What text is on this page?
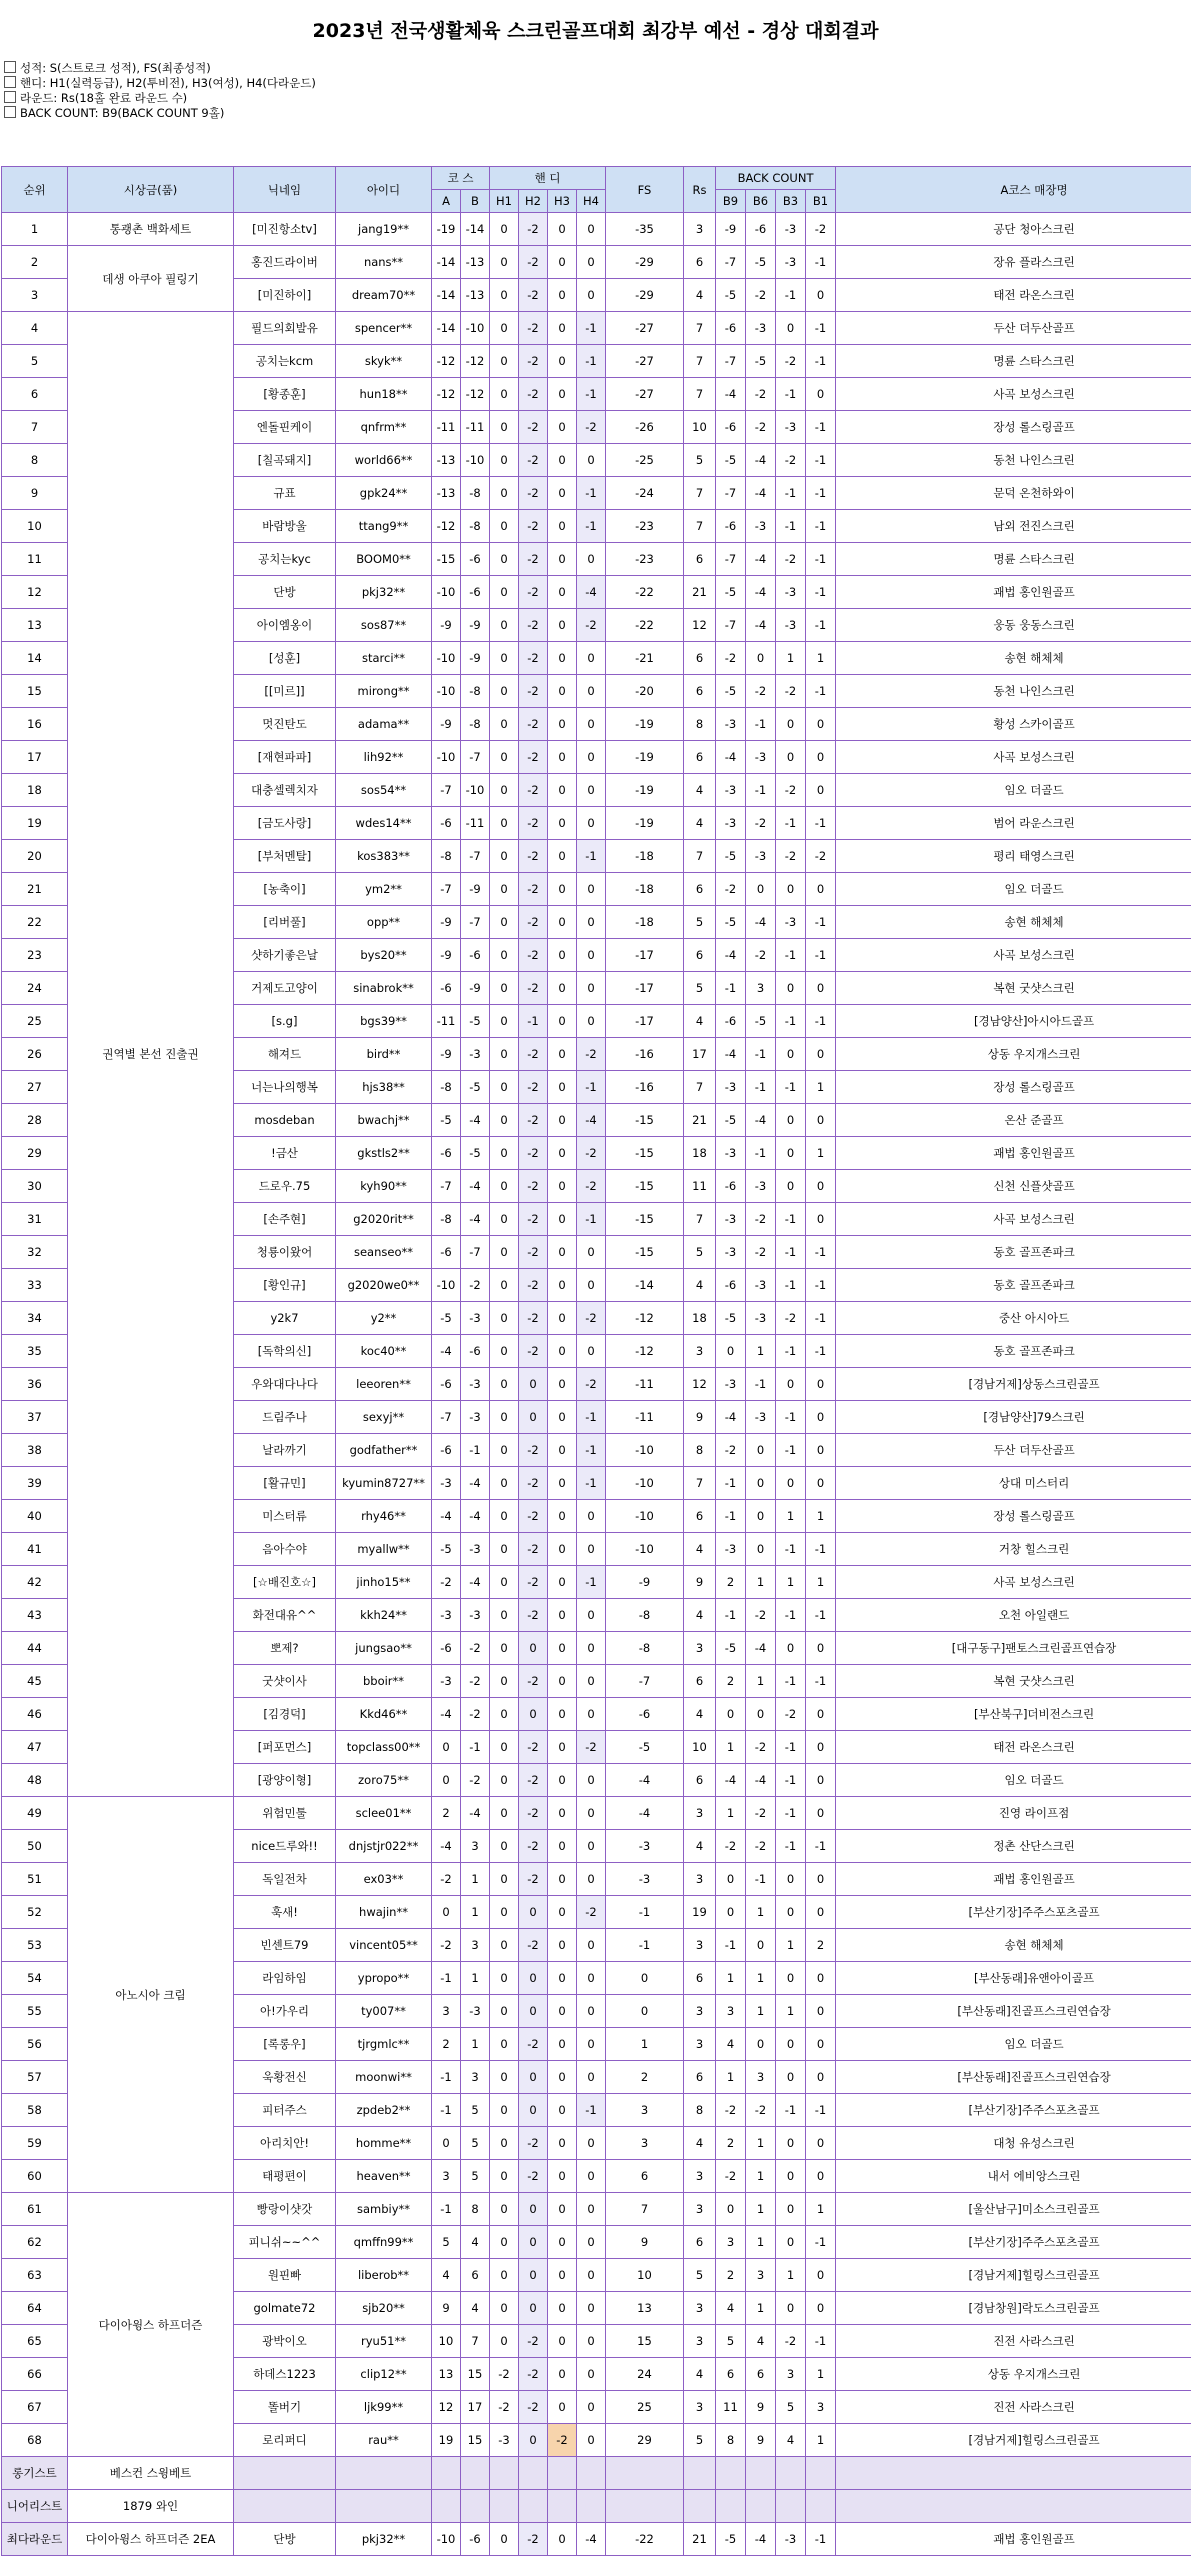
2023년 전국생활체육 스크린골프대회 최강부 예선 - 경상 대회결과
성적: S(스트로크 성적), FS(최종성적)
핸디: H1(실력등급), H2(투비전), H3(여성), H4(다라운드)
라운드: Rs(18홀 완료 라운드 수)
BACK COUNT: B9(BACK COUNT 9홀)
순위	시상금(품)	닉네임	아이디	코 스		핸 디				FS	Rs	BACK COUNT				A코스 매장명
				A	B	H1	H2	H3	H4			B9	B6	B3	B1	
1	통괭촌 백화세트	[미진항소tv]	jang19**	-19	-14	0	-2	0	0	-35	3	-9	-6	-3	-2	공단 청아스크린
2	데생 아쿠아 필링기	홍진드라이버	nans**	-14	-13	0	-2	0	0	-29	6	-7	-5	-3	-1	장유 플라스크린
3		[미진하이]	dream70**	-14	-13	0	-2	0	0	-29	4	-5	-2	-1	0	태전 라온스크린
4	권역별 본선 진출권	필드의회발유	spencer**	-14	-10	0	-2	0	-1	-27	7	-6	-3	0	-1	두산 더두산골프
5		공치는kcm	skyk**	-12	-12	0	-2	0	-1	-27	7	-7	-5	-2	-1	명륜 스타스크린
6		[황종훈]	hun18**	-12	-12	0	-2	0	-1	-27	7	-4	-2	-1	0	사곡 보성스크린
7		엔돌핀케이	qnfrm**	-11	-11	0	-2	0	-2	-26	10	-6	-2	-3	-1	장성 롤스링골프
8		[칠곡돼지]	world66**	-13	-10	0	-2	0	0	-25	5	-5	-4	-2	-1	동천 나인스크린
9		규표	gpk24**	-13	-8	0	-2	0	-1	-24	7	-7	-4	-1	-1	문덕 온천하와이
10		바람방울	ttang9**	-12	-8	0	-2	0	-1	-23	7	-6	-3	-1	-1	남외 전진스크린
11		공치는kyc	BOOM0**	-15	-6	0	-2	0	0	-23	6	-7	-4	-2	-1	명륜 스타스크린
12		단방	pkj32**	-10	-6	0	-2	0	-4	-22	21	-5	-4	-3	-1	괘법 홍인원골프
13		아이엠옹이	sos87**	-9	-9	0	-2	0	-2	-22	12	-7	-4	-3	-1	웅동 웅동스크린
14		[성훈]	starci**	-10	-9	0	-2	0	0	-21	6	-2	0	1	1	송현 해체체
15		[[미르]]	mirong**	-10	-8	0	-2	0	0	-20	6	-5	-2	-2	-1	동천 나인스크린
16		멋진탄도	adama**	-9	-8	0	-2	0	0	-19	8	-3	-1	0	0	황성 스카이골프
17		[재현파파]	lih92**	-10	-7	0	-2	0	0	-19	6	-4	-3	0	0	사곡 보성스크린
18		대충셀렉치자	sos54**	-7	-10	0	-2	0	0	-19	4	-3	-1	-2	0	임오 더골드
19		[금도사랑]	wdes14**	-6	-11	0	-2	0	0	-19	4	-3	-2	-1	-1	범어 라운스크린
20		[부처멘탈]	kos383**	-8	-7	0	-2	0	-1	-18	7	-5	-3	-2	-2	평리 태영스크린
21		[농축이]	ym2**	-7	-9	0	-2	0	0	-18	6	-2	0	0	0	임오 더골드
22		[리버풀]	opp**	-9	-7	0	-2	0	0	-18	5	-5	-4	-3	-1	송현 해체체
23		샷하기좋은날	bys20**	-9	-6	0	-2	0	0	-17	6	-4	-2	-1	-1	사곡 보성스크린
24		거제도고양이	sinabrok**	-6	-9	0	-2	0	0	-17	5	-1	3	0	0	복현 굿샷스크린
25		[s.g]	bgs39**	-11	-5	0	-1	0	0	-17	4	-6	-5	-1	-1	[경남양산]아시아드골프
26		해져드	bird**	-9	-3	0	-2	0	-2	-16	17	-4	-1	0	0	상동 우지개스크린
27		너는나의행복	hjs38**	-8	-5	0	-2	0	-1	-16	7	-3	-1	-1	1	장성 롤스링골프
28		mosdeban	bwachj**	-5	-4	0	-2	0	-4	-15	21	-5	-4	0	0	온산 준골프
29		!금산	gkstls2**	-6	-5	0	-2	0	-2	-15	18	-3	-1	0	1	괘법 홍인원골프
30		드로우.75	kyh90**	-7	-4	0	-2	0	-2	-15	11	-6	-3	0	0	신천 신플샷골프
31		[손주현]	g2020rit**	-8	-4	0	-2	0	-1	-15	7	-3	-2	-1	0	사곡 보성스크린
32		청룡이왔어	seanseo**	-6	-7	0	-2	0	0	-15	5	-3	-2	-1	-1	동호 골프존파크
33		[황인규]	g2020we0**	-10	-2	0	-2	0	0	-14	4	-6	-3	-1	-1	동호 골프존파크
34		y2k7	y2**	-5	-3	0	-2	0	-2	-12	18	-5	-3	-2	-1	중산 아시아드
35		[독학의신]	koc40**	-4	-6	0	-2	0	0	-12	3	0	1	-1	-1	동호 골프존파크
36		우와대다나다	leeoren**	-6	-3	0	0	0	-2	-11	12	-3	-1	0	0	[경남거제]상동스크린골프
37		드림주나	sexyj**	-7	-3	0	0	0	-1	-11	9	-4	-3	-1	0	[경남양산]79스크린
38		날라까기	godfather**	-6	-1	0	-2	0	-1	-10	8	-2	0	-1	0	두산 더두산골프
39		[활규민]	kyumin8727**	-3	-4	0	-2	0	-1	-10	7	-1	0	0	0	상대 미스터리
40		미스터류	rhy46**	-4	-4	0	-2	0	0	-10	6	-1	0	1	1	장성 롤스링골프
41		음아수야	myallw**	-5	-3	0	-2	0	0	-10	4	-3	0	-1	-1	거창 힐스크린
42		[☆배진호☆]	jinho15**	-2	-4	0	-2	0	-1	-9	9	2	1	1	1	사곡 보성스크린
43		화전대유^^	kkh24**	-3	-3	0	-2	0	0	-8	4	-1	-2	-1	-1	오천 아일랜드
44		뽀제?	jungsao**	-6	-2	0	0	0	0	-8	3	-5	-4	0	0	[대구동구]팬토스크린골프연습장
45		굿샷이사	bboir**	-3	-2	0	-2	0	0	-7	6	2	1	-1	-1	복현 굿샷스크린
46		[김경덕]	Kkd46**	-4	-2	0	0	0	0	-6	4	0	0	-2	0	[부산북구]더비전스크린
47		[퍼포먼스]	topclass00**	0	-1	0	-2	0	-2	-5	10	1	-2	-1	0	태전 라온스크린
48		[광양이형]	zoro75**	0	-2	0	-2	0	0	-4	6	-4	-4	-1	0	임오 더골드
49	아노시아 크림	위험민툴	sclee01**	2	-4	0	-2	0	0	-4	3	1	-2	-1	0	진영 라이프점
50		nice드루와!!	dnjstjr022**	-4	3	0	-2	0	0	-3	4	-2	-2	-1	-1	정촌 산단스크린
51		독일전차	ex03**	-2	1	0	-2	0	0	-3	3	0	-1	0	0	괘법 홍인원골프
52		훅새!	hwajin**	0	1	0	0	0	-2	-1	19	0	1	0	0	[부산기장]주주스포츠골프
53		빈센트79	vincent05**	-2	3	0	-2	0	0	-1	3	-1	0	1	2	송현 해체체
54		라임하임	ypropo**	-1	1	0	0	0	0	0	6	1	1	0	0	[부산동래]유앤아이골프
55		아!가우리	ty007**	3	-3	0	0	0	0	0	3	3	1	1	0	[부산동래]진골프스크린연습장
56		[록롱우]	tjrgmlc**	2	1	0	-2	0	0	1	3	4	0	0	0	임오 더골드
57		욱황전신	moonwi**	-1	3	0	0	0	0	2	6	1	3	0	0	[부산동래]진골프스크린연습장
58		피터주스	zpdeb2**	-1	5	0	0	0	-1	3	8	-2	-2	-1	-1	[부산기장]주주스포츠골프
59		아리치안!	homme**	0	5	0	-2	0	0	3	4	2	1	0	0	대청 유성스크린
60		태평편이	heaven**	3	5	0	-2	0	0	6	3	-2	1	0	0	내서 에비앙스크린
61	다이아윙스 하프더즌	빵랑이샷갓	sambiy**	-1	8	0	0	0	0	7	3	0	1	0	1	[울산남구]미소스크린골프
62		피니쉬~~^^	qmffn99**	5	4	0	0	0	0	9	6	3	1	0	-1	[부산기장]주주스포츠골프
63		원핀빠	liberob**	4	6	0	0	0	0	10	5	2	3	1	0	[경남거제]힐링스크린골프
64		golmate72	sjb20**	9	4	0	0	0	0	13	3	4	1	0	0	[경남창원]락도스크린골프
65		광박이오	ryu51**	10	7	0	-2	0	0	15	3	5	4	-2	-1	진전 사라스크린
66		하데스1223	clip12**	13	15	-2	-2	0	0	24	4	6	6	3	1	상동 우지개스크린
67		똘버기	ljk99**	12	17	-2	-2	0	0	25	3	11	9	5	3	진전 사라스크린
68		로리퍼디	rau**	19	15	-3	0	-2	0	29	5	8	9	4	1	[경남거제]힐링스크린골프
롱기스트	베스컨 스윙베트															
니어리스트	1879 와인															
최다라운드	다이아윙스 하프더즌 2EA	단방	pkj32**	-10	-6	0	-2	0	-4	-22	21	-5	-4	-3	-1	괘법 홍인원골프
